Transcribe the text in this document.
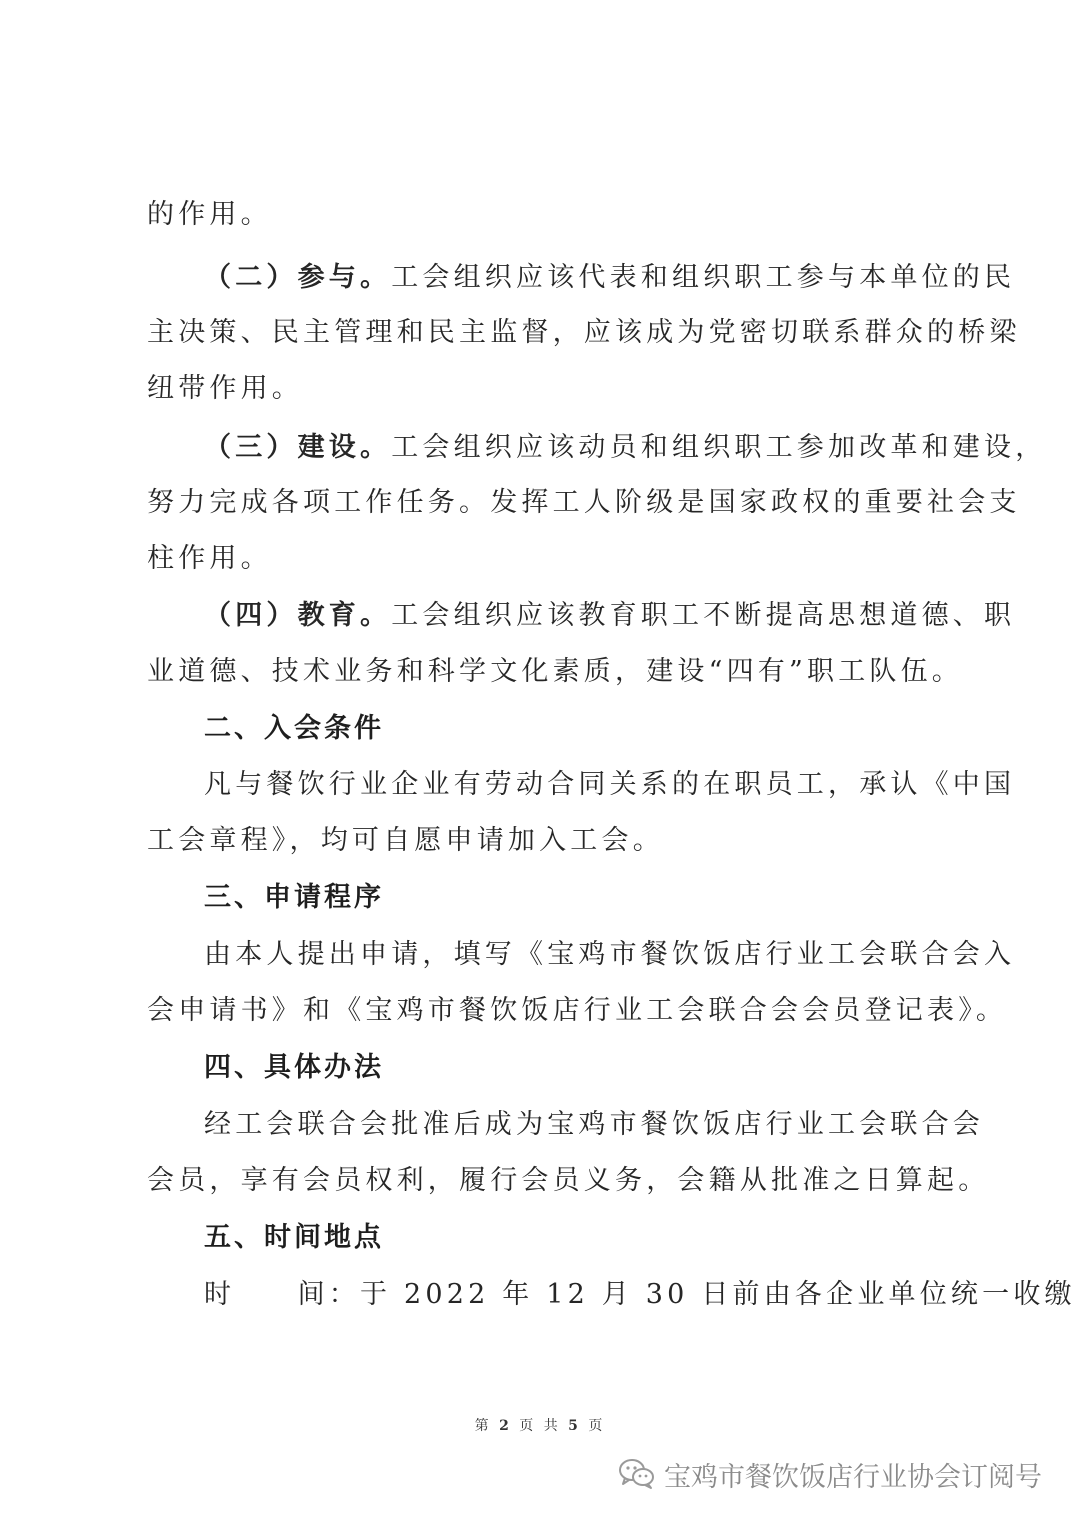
的作用。
（二）参与。工会组织应该代表和组织职工参与本单位的民
主决策、民主管理和民主监督，应该成为党密切联系群众的桥梁
纽带作用。
（三）建设。工会组织应该动员和组织职工参加改革和建设，
努力完成各项工作任务。发挥工人阶级是国家政权的重要社会支
柱作用。
（四）教育。工会组织应该教育职工不断提高思想道德、职
业道德、技术业务和科学文化素质，建设“四有”职工队伍。
二、入会条件
凡与餐饮行业企业有劳动合同关系的在职员工，承认《中国
工会章程》，均可自愿申请加入工会。
三、申请程序
由本人提出申请，填写《宝鸡市餐饮饭店行业工会联合会入
会申请书》和《宝鸡市餐饮饭店行业工会联合会会员登记表》。
四、具体办法
经工会联合会批准后成为宝鸡市餐饮饭店行业工会联合会
会员，享有会员权利，履行会员义务，会籍从批准之日算起。
五、时间地点
时　　间：于 2022 年 12 月 30 日前由各企业单位统一收缴
第 2 页 共 5 页
宝鸡市餐饮饭店行业协会订阅号
